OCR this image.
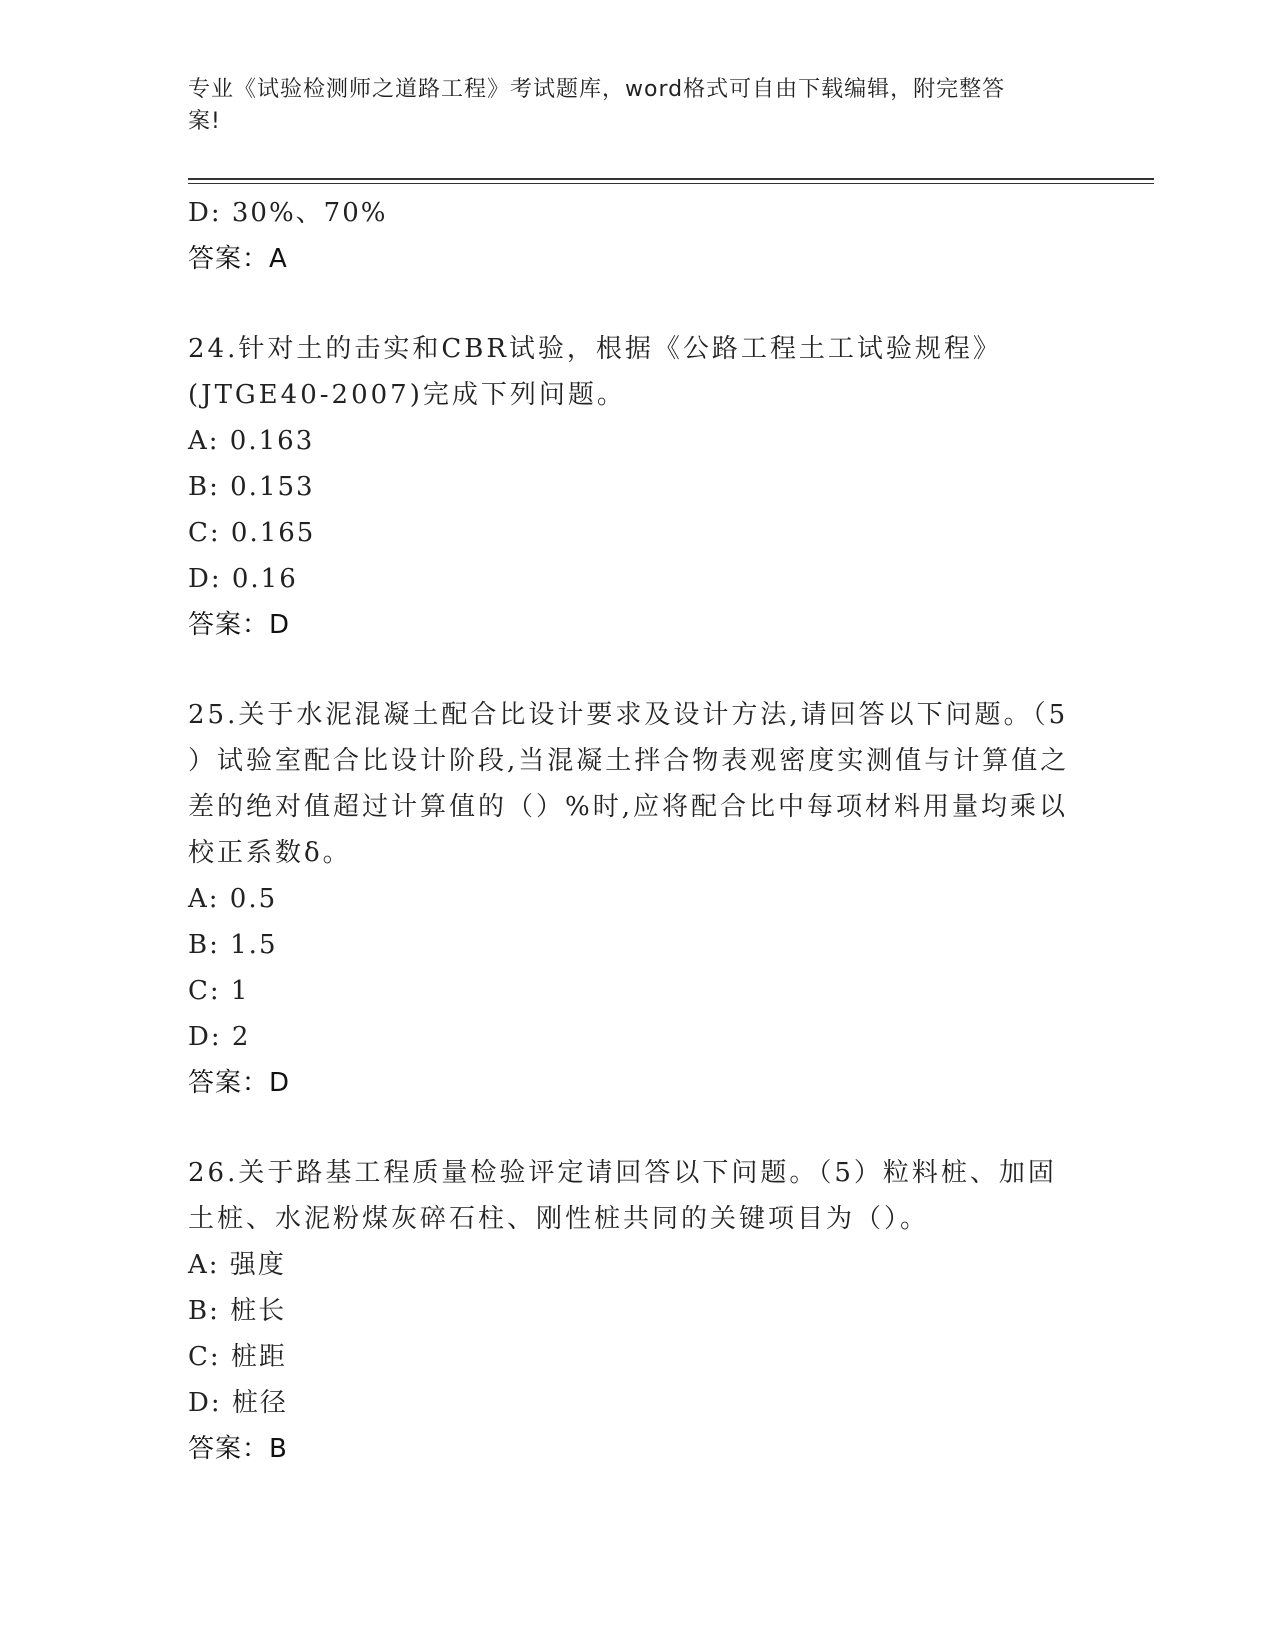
专业《试验检测师之道路工程》考试题库，word格式可自由下载编辑，附完整答
案!
D: 30%、70%
答案：A
24.针对土的击实和CBR试验，根据《公路工程土工试验规程》
(JTGE40-2007)完成下列问题。
A: 0.163
B: 0.153
C: 0.165
D: 0.16
答案：D
25.关于水泥混凝土配合比设计要求及设计方法,请回答以下问题。（5
）试验室配合比设计阶段,当混凝土拌合物表观密度实测值与计算值之
差的绝对值超过计算值的（）%时,应将配合比中每项材料用量均乘以
校正系数δ。
A: 0.5
B: 1.5
C: 1
D: 2
答案：D
26.关于路基工程质量检验评定请回答以下问题。（5）粒料桩、加固
土桩、水泥粉煤灰碎石柱、刚性桩共同的关键项目为（）。
A: 强度
B: 桩长
C: 桩距
D: 桩径
答案：B
